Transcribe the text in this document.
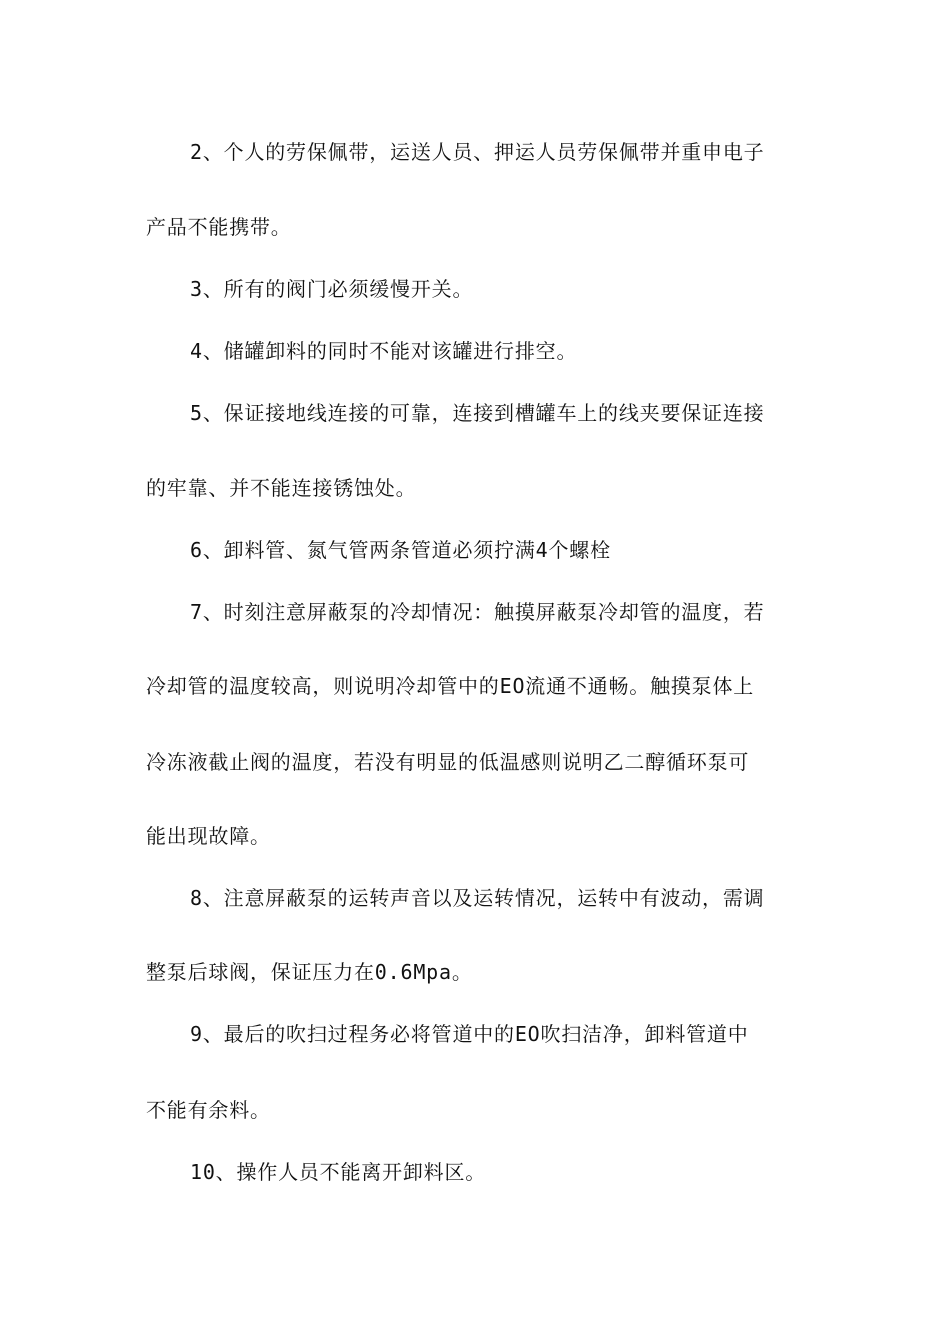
2、个人的劳保佩带，运送人员、押运人员劳保佩带并重申电子
产品不能携带。
3、所有的阀门必须缓慢开关。
4、储罐卸料的同时不能对该罐进行排空。
5、保证接地线连接的可靠，连接到槽罐车上的线夹要保证连接
的牢靠、并不能连接锈蚀处。
6、卸料管、氮气管两条管道必须拧满4个螺栓
7、时刻注意屏蔽泵的冷却情况：触摸屏蔽泵冷却管的温度，若
冷却管的温度较高，则说明冷却管中的EO流通不通畅。触摸泵体上
冷冻液截止阀的温度，若没有明显的低温感则说明乙二醇循环泵可
能出现故障。
8、注意屏蔽泵的运转声音以及运转情况，运转中有波动，需调
整泵后球阀，保证压力在0.6Mpa。
9、最后的吹扫过程务必将管道中的EO吹扫洁净，卸料管道中
不能有余料。
10、操作人员不能离开卸料区。
